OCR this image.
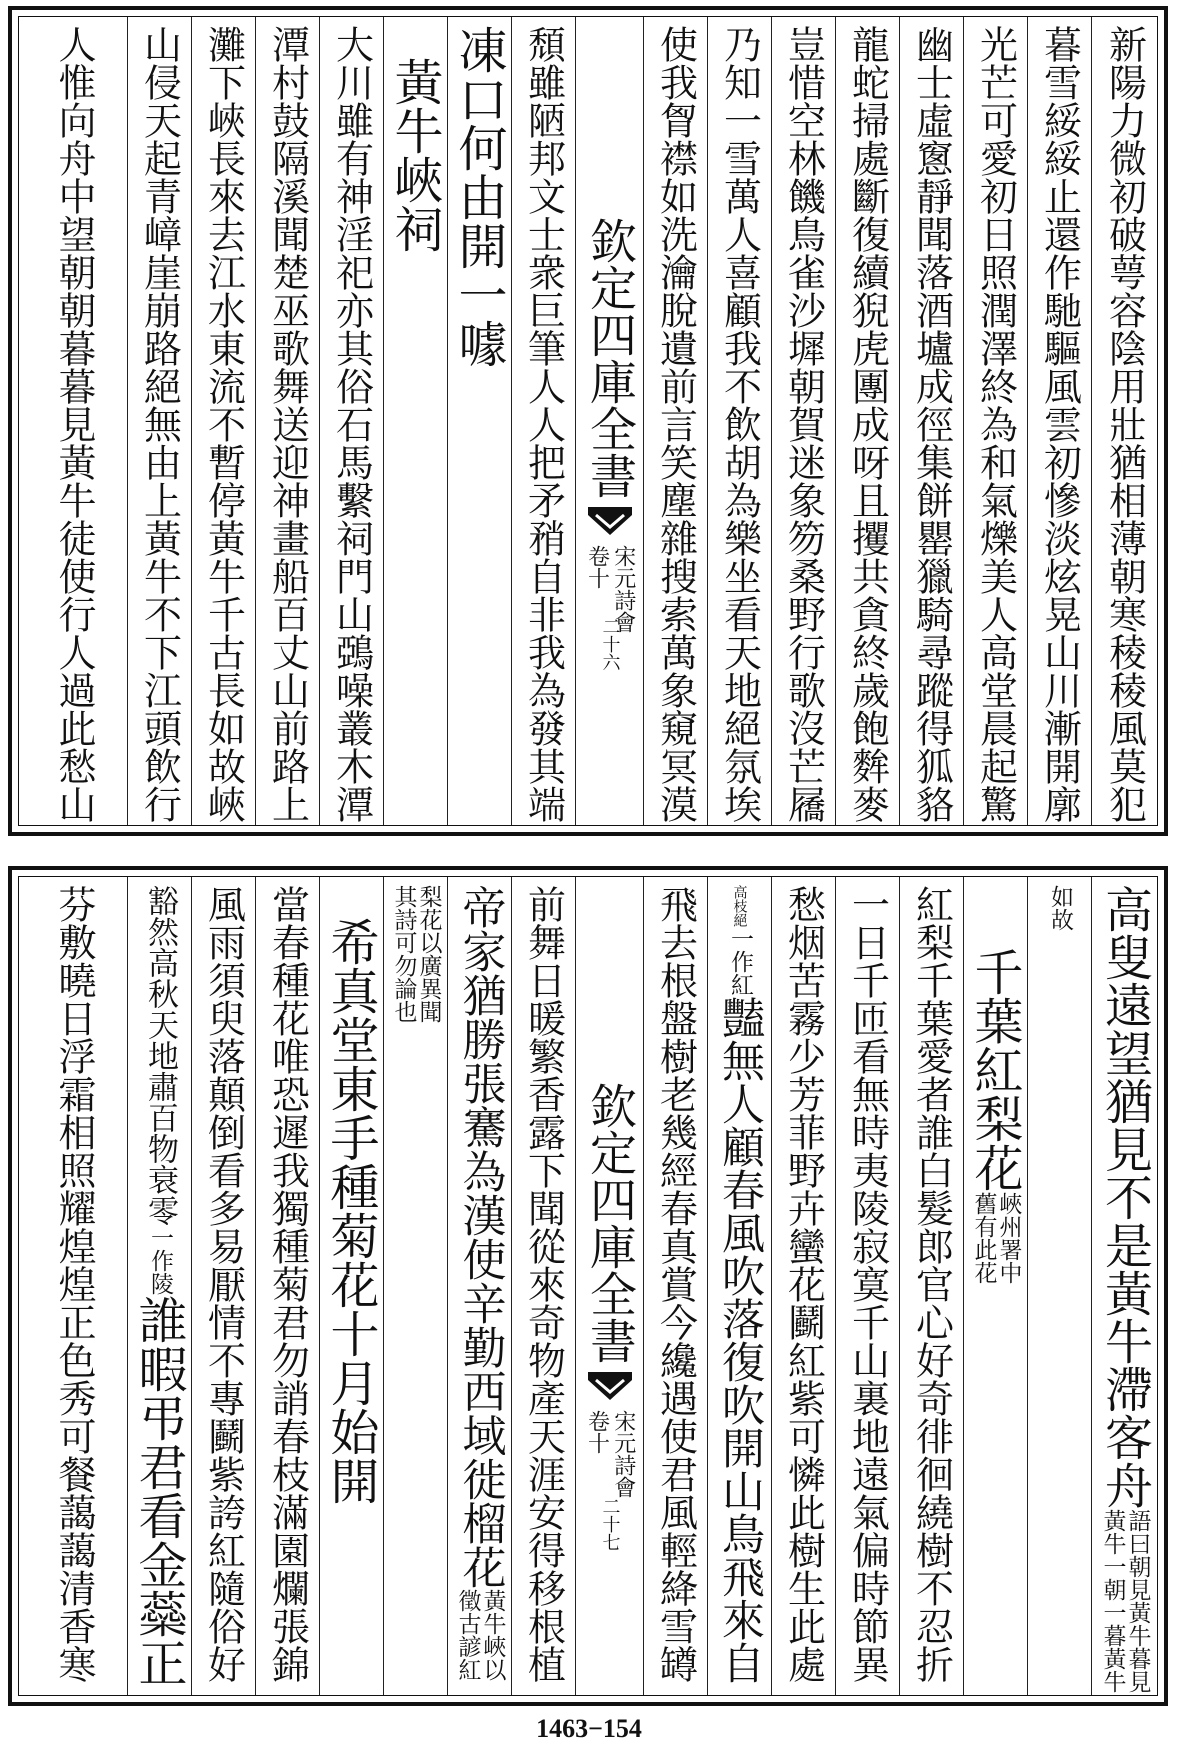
新陽力微初破萼容陰用壯猶相薄朝寒稜稜風莫犯
暮雪綏綏止還作馳驅風雲初慘淡炫晃山川漸開廓
光芒可愛初日照潤澤終為和氣爍美人高堂晨起驚
幽士虛窻靜聞落酒壚成徑集餅罌獵騎尋蹤得狐貉
龍蛇掃處斷復續猊虎團成呀且攫共貪終歲飽麰麥
豈惜空林饑鳥雀沙墀朝賀迷象笏桑野行歌沒芒屩
乃知一雪萬人喜顧我不飲胡為樂坐看天地絕氛埃
使我胷襟如洗瀹脫遺前言笑塵雜搜索萬象窺冥漠
欽定四庫全書
宋元詩會
卷十
二十六
頹雖陋邦文士衆巨筆人人把矛矟自非我為發其端
凍口何由開一噱
黃牛峽祠
大川雖有神淫祀亦其俗石馬繫祠門山鵶噪叢木潭
潭村鼓隔溪聞楚巫歌舞送迎神畫船百丈山前路上
灘下峽長來去江水東流不暫停黃牛千古長如故峽
山侵天起青嶂崖崩路絕無由上黃牛不下江頭飲行
人惟向舟中望朝朝暮暮見黃牛徒使行人過此愁山
高叟遠望猶見不是黃牛滯客舟
語曰朝見黃牛暮見
黃牛一朝一暮黃牛
如故
千葉紅梨花
峽州署中
舊有此花
紅梨千葉愛者誰白髮郎官心好奇徘徊繞樹不忍折
一日千匝看無時夷陵寂寞千山裏地遠氣偏時節異
愁烟苦霧少芳菲野卉蠻花鬬紅紫可憐此樹生此處
高枝絕
一作紅
豔無人顧春風吹落復吹開山鳥飛來自
飛去根盤樹老幾經春真賞今纔遇使君風輕絳雪罇
欽定四庫全書
宋元詩會
卷十
二十七
前舞日暖繁香露下聞從來奇物產天涯安得移根植
帝家猶勝張騫為漢使辛勤西域徙榴花
黃牛峽以
徵古諺紅
梨花以廣異聞
其詩可勿論也
希真堂東手種菊花十月始開
當春種花唯恐遲我獨種菊君勿誚春枝滿園爛張錦
風雨須臾落顛倒看多易厭情不專鬬紫誇紅隨俗好
豁然高秋天地肅百物衰零
一作陵
誰暇弔君看金蘂正
芬敷曉日浮霜相照耀煌煌正色秀可餐藹藹清香寒
1463−154
